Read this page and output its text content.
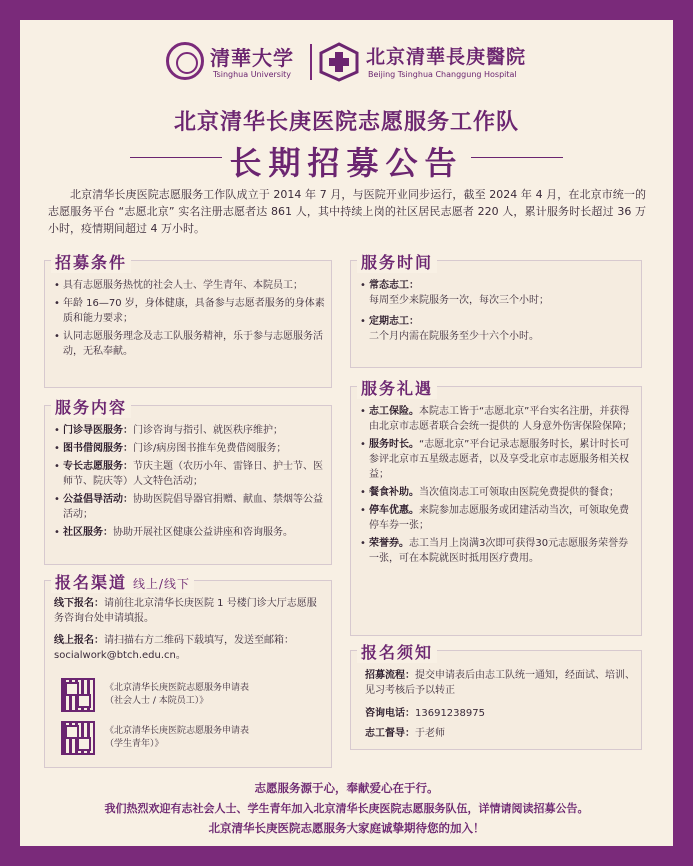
清華大学
Tsinghua University
北京清華長庚醫院
Beijing Tsinghua Changgung Hospital
北京清华长庚医院志愿服务工作队
长期招募公告
北京清华长庚医院志愿服务工作队成立于 2014 年 7 月，与医院开业同步运行，截至 2024 年 4 月，在北京市统一的志愿服务平台 “志愿北京” 实名注册志愿者达 861 人，其中持续上岗的社区居民志愿者 220 人，累计服务时长超过 36 万小时，疫情期间超过 4 万小时。
招募条件
• 具有志愿服务热忱的社会人士、学生青年、本院员工；
• 年龄 16—70 岁，身体健康，具备参与志愿者服务的身体素质和能力要求；
• 认同志愿服务理念及志工队服务精神，乐于参与志愿服务活动，无私奉献。
服务内容
• 门诊导医服务：门诊咨询与指引、就医秩序维护；
• 图书借阅服务：门诊/病房图书推车免费借阅服务；
• 专长志愿服务：节庆主题（农历小年、雷锋日、护士节、医师节、院庆等）人文特色活动；
• 公益倡导活动：协助医院倡导器官捐赠、献血、禁烟等公益活动；
• 社区服务：协助开展社区健康公益讲座和咨询服务。
报名渠道 线上/线下
线下报名：请前往北京清华长庚医院 1 号楼门诊大厅志愿服务咨询台处申请填报。
线上报名：请扫描右方二维码下载填写，发送至邮箱：socialwork@btch.edu.cn。
《北京清华长庚医院志愿服务申请表
（社会人士 / 本院员工）》
《北京清华长庚医院志愿服务申请表
（学生青年）》
服务时间
• 常态志工：
每周至少来院服务一次，每次三个小时；
• 定期志工：
二个月内需在院服务至少十六个小时。
服务礼遇
• 志工保险。本院志工皆于“志愿北京”平台实名注册，并获得由北京市志愿者联合会统一提供的 人身意外伤害保险保障；
• 服务时长。“志愿北京”平台记录志愿服务时长，累计时长可参评北京市五星级志愿者，以及享受北京市志愿服务相关权益；
• 餐食补助。当次值岗志工可领取由医院免费提供的餐食；
• 停车优惠。来院参加志愿服务或团建活动当次，可领取免费停车券一张；
• 荣誉券。志工当月上岗满3次即可获得30元志愿服务荣誉券一张，可在本院就医时抵用医疗费用。
报名须知
招募流程：提交申请表后由志工队统一通知，经面试、培训、见习考核后予以转正
咨询电话：13691238975
志工督导：于老师
志愿服务源于心，奉献爱心在于行。
我们热烈欢迎有志社会人士、学生青年加入北京清华长庚医院志愿服务队伍，详情请阅读招募公告。
北京清华长庚医院志愿服务大家庭诚挚期待您的加入！
